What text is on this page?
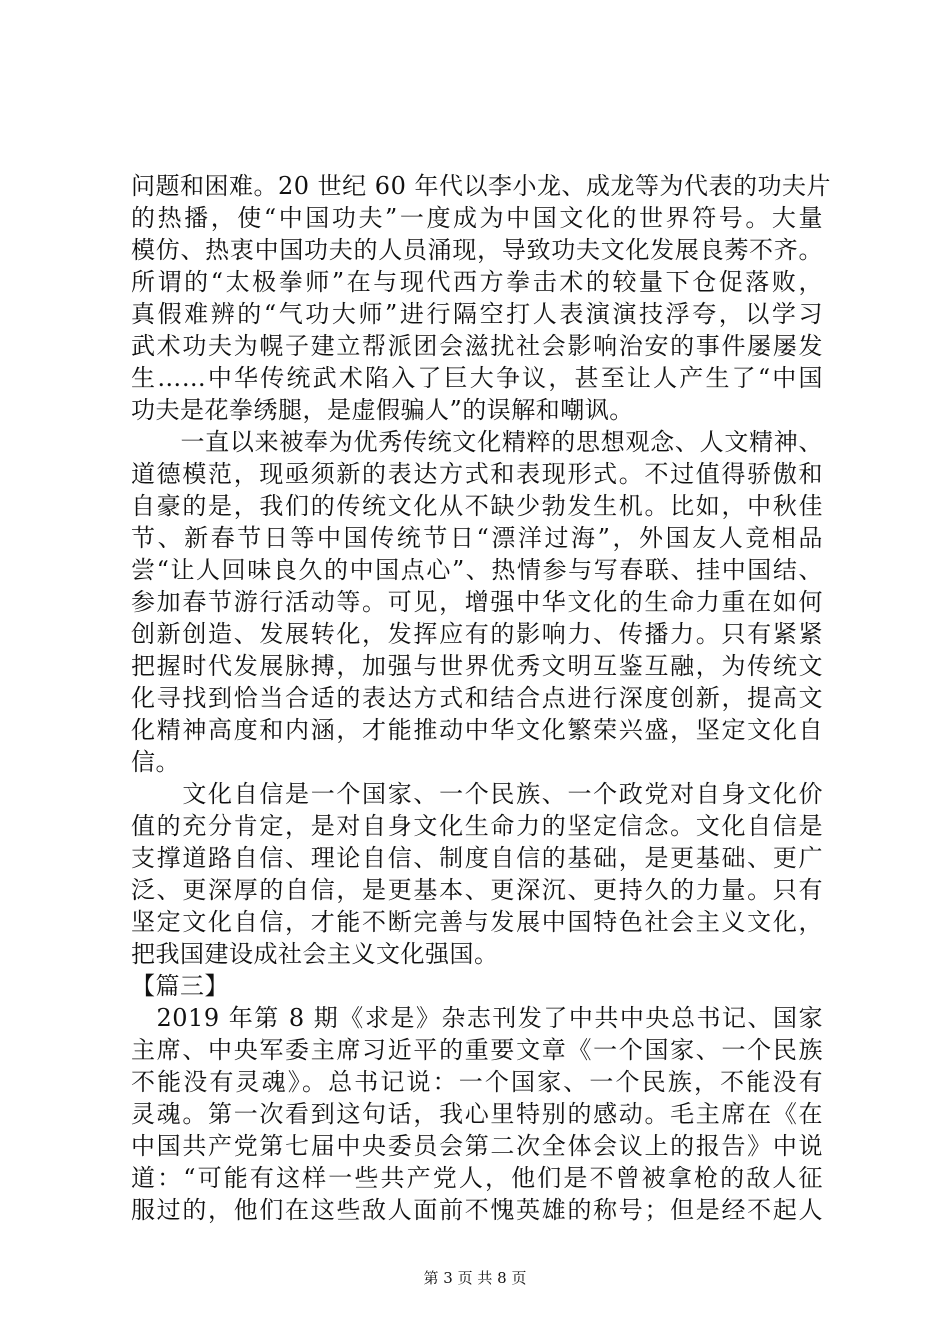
问题和困难。20 世纪 60 年代以李小龙、成龙等为代表的功夫片
的热播，使“中国功夫”一度成为中国文化的世界符号。大量
模仿、热衷中国功夫的人员涌现，导致功夫文化发展良莠不齐。
所谓的“太极拳师”在与现代西方拳击术的较量下仓促落败，
真假难辨的“气功大师”进行隔空打人表演演技浮夸，以学习
武术功夫为幌子建立帮派团会滋扰社会影响治安的事件屡屡发
生……中华传统武术陷入了巨大争议，甚至让人产生了“中国
功夫是花拳绣腿，是虚假骗人”的误解和嘲讽。
　　一直以来被奉为优秀传统文化精粹的思想观念、人文精神、
道德模范，现亟须新的表达方式和表现形式。不过值得骄傲和
自豪的是，我们的传统文化从不缺少勃发生机。比如，中秋佳
节、新春节日等中国传统节日“漂洋过海”，外国友人竞相品
尝“让人回味良久的中国点心”、热情参与写春联、挂中国结、
参加春节游行活动等。可见，增强中华文化的生命力重在如何
创新创造、发展转化，发挥应有的影响力、传播力。只有紧紧
把握时代发展脉搏，加强与世界优秀文明互鉴互融，为传统文
化寻找到恰当合适的表达方式和结合点进行深度创新，提高文
化精神高度和内涵，才能推动中华文化繁荣兴盛，坚定文化自
信。
　　文化自信是一个国家、一个民族、一个政党对自身文化价
值的充分肯定，是对自身文化生命力的坚定信念。文化自信是
支撑道路自信、理论自信、制度自信的基础，是更基础、更广
泛、更深厚的自信，是更基本、更深沉、更持久的力量。只有
坚定文化自信，才能不断完善与发展中国特色社会主义文化，
把我国建设成社会主义文化强国。
【篇三】
　2019 年第 8 期《求是》杂志刊发了中共中央总书记、国家
主席、中央军委主席习近平的重要文章《一个国家、一个民族
不能没有灵魂》。总书记说：一个国家、一个民族，不能没有
灵魂。第一次看到这句话，我心里特别的感动。毛主席在《在
中国共产党第七届中央委员会第二次全体会议上的报告》中说
道：“可能有这样一些共产党人，他们是不曾被拿枪的敌人征
服过的，他们在这些敌人面前不愧英雄的称号；但是经不起人
第 3 页 共 8 页
